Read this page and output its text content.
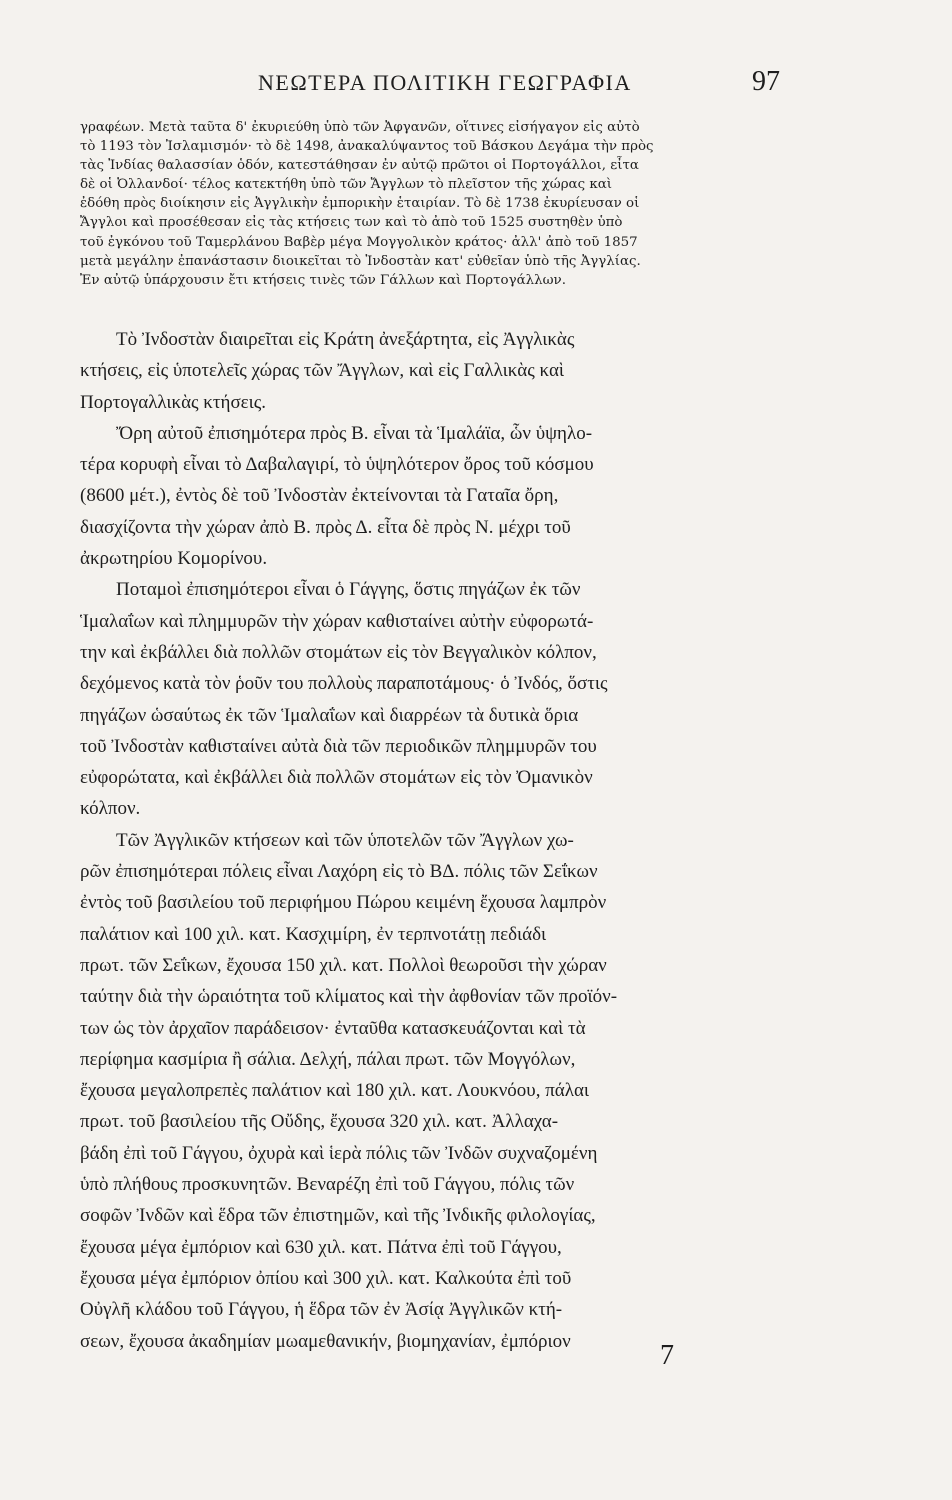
ΝΕΩΤΕΡΑ ΠΟΛΙΤΙΚΗ ΓΕΩΓΡΑΦΙΑ	97
γραφέων. Μετὰ ταῦτα δ' ἐκυριεύθη ὑπὸ τῶν Ἀφγανῶν, οἵτινες εἰσήγαγον εἰς αὐτὸ
τὸ 1193 τὸν Ἰσλαμισμόν· τὸ δὲ 1498, ἀνακαλύψαντος τοῦ Βάσκου Δεγάμα τὴν πρὸς
τὰς Ἰνδίας θαλασσίαν ὁδόν, κατεστάθησαν ἐν αὐτῷ πρῶτοι οἱ Πορτογάλλοι, εἶτα
δὲ οἱ Ὀλλανδοί· τέλος κατεκτήθη ὑπὸ τῶν Ἄγγλων τὸ πλεῖστον τῆς χώρας καὶ
ἐδόθη πρὸς διοίκησιν εἰς Ἀγγλικὴν ἐμπορικὴν ἑταιρίαν. Τὸ δὲ 1738 ἐκυρίευσαν οἱ
Ἄγγλοι καὶ προσέθεσαν εἰς τὰς κτήσεις των καὶ τὸ ἀπὸ τοῦ 1525 συστηθὲν ὑπὸ
τοῦ ἐγκόνου τοῦ Ταμερλάνου Βαβὲρ μέγα Μογγολικὸν κράτος· ἀλλ' ἀπὸ τοῦ 1857
μετὰ μεγάλην ἐπανάστασιν διοικεῖται τὸ Ἰνδοστὰν κατ' εὐθεῖαν ὑπὸ τῆς Ἀγγλίας.
Ἐν αὐτῷ ὑπάρχουσιν ἔτι κτήσεις τινὲς τῶν Γάλλων καὶ Πορτογάλλων.
Τὸ Ἰνδοστὰν διαιρεῖται εἰς Κράτη ἀνεξάρτητα, εἰς Ἀγγλικὰς
κτήσεις, εἰς ὑποτελεῖς χώρας τῶν Ἄγγλων, καὶ εἰς Γαλλικὰς καὶ
Πορτογαλλικὰς κτήσεις.
Ὄρη αὐτοῦ ἐπισημότερα πρὸς Β. εἶναι τὰ Ἱμαλάϊα, ὧν ὑψηλο-
τέρα κορυφὴ εἶναι τὸ Δαβαλαγιρί, τὸ ὑψηλότερον ὄρος τοῦ κόσμου
(8600 μέτ.), ἐντὸς δὲ τοῦ Ἰνδοστὰν ἐκτείνονται τὰ Γαταῖα ὄρη,
διασχίζοντα τὴν χώραν ἀπὸ Β. πρὸς Δ. εἶτα δὲ πρὸς Ν. μέχρι τοῦ
ἀκρωτηρίου Κομορίνου.
Ποταμοὶ ἐπισημότεροι εἶναι ὁ Γάγγης, ὅστις πηγάζων ἐκ τῶν
Ἱμαλαΐων καὶ πλημμυρῶν τὴν χώραν καθισταίνει αὐτὴν εὐφορωτά-
την καὶ ἐκβάλλει διὰ πολλῶν στομάτων εἰς τὸν Βεγγαλικὸν κόλπον,
δεχόμενος κατὰ τὸν ῥοῦν του πολλοὺς παραποτάμους· ὁ Ἰνδός, ὅστις
πηγάζων ὡσαύτως ἐκ τῶν Ἱμαλαΐων καὶ διαρρέων τὰ δυτικὰ ὅρια
τοῦ Ἰνδοστὰν καθισταίνει αὐτὰ διὰ τῶν περιοδικῶν πλημμυρῶν του
εὐφορώτατα, καὶ ἐκβάλλει διὰ πολλῶν στομάτων εἰς τὸν Ὀμανικὸν
κόλπον.
Τῶν Ἀγγλικῶν κτήσεων καὶ τῶν ὑποτελῶν τῶν Ἄγγλων χω-
ρῶν ἐπισημότεραι πόλεις εἶναι Λαχόρη εἰς τὸ ΒΔ. πόλις τῶν Σεΐκων
ἐντὸς τοῦ βασιλείου τοῦ περιφήμου Πώρου κειμένη ἔχουσα λαμπρὸν
παλάτιον καὶ 100 χιλ. κατ. Κασχιμίρη, ἐν τερπνοτάτῃ πεδιάδι
πρωτ. τῶν Σεΐκων, ἔχουσα 150 χιλ. κατ. Πολλοὶ θεωροῦσι τὴν χώραν
ταύτην διὰ τὴν ὡραιότητα τοῦ κλίματος καὶ τὴν ἀφθονίαν τῶν προϊόν-
των ὡς τὸν ἀρχαῖον παράδεισον· ἐνταῦθα κατασκευάζονται καὶ τὰ
περίφημα κασμίρια ἢ σάλια. Δελχή, πάλαι πρωτ. τῶν Μογγόλων,
ἔχουσα μεγαλοπρεπὲς παλάτιον καὶ 180 χιλ. κατ. Λουκνόου, πάλαι
πρωτ. τοῦ βασιλείου τῆς Οὔδης, ἔχουσα 320 χιλ. κατ. Ἀλλαχα-
βάδη ἐπὶ τοῦ Γάγγου, ὀχυρὰ καὶ ἱερὰ πόλις τῶν Ἰνδῶν συχναζομένη
ὑπὸ πλήθους προσκυνητῶν. Βεναρέζη ἐπὶ τοῦ Γάγγου, πόλις τῶν
σοφῶν Ἰνδῶν καὶ ἕδρα τῶν ἐπιστημῶν, καὶ τῆς Ἰνδικῆς φιλολογίας,
ἔχουσα μέγα ἐμπόριον καὶ 630 χιλ. κατ. Πάτνα ἐπὶ τοῦ Γάγγου,
ἔχουσα μέγα ἐμπόριον ὀπίου καὶ 300 χιλ. κατ. Καλκούτα ἐπὶ τοῦ
Οὐγλῆ κλάδου τοῦ Γάγγου, ἡ ἕδρα τῶν ἐν Ἀσίᾳ Ἀγγλικῶν κτή-
σεων, ἔχουσα ἀκαδημίαν μωαμεθανικήν, βιομηχανίαν, ἐμπόριον	7
